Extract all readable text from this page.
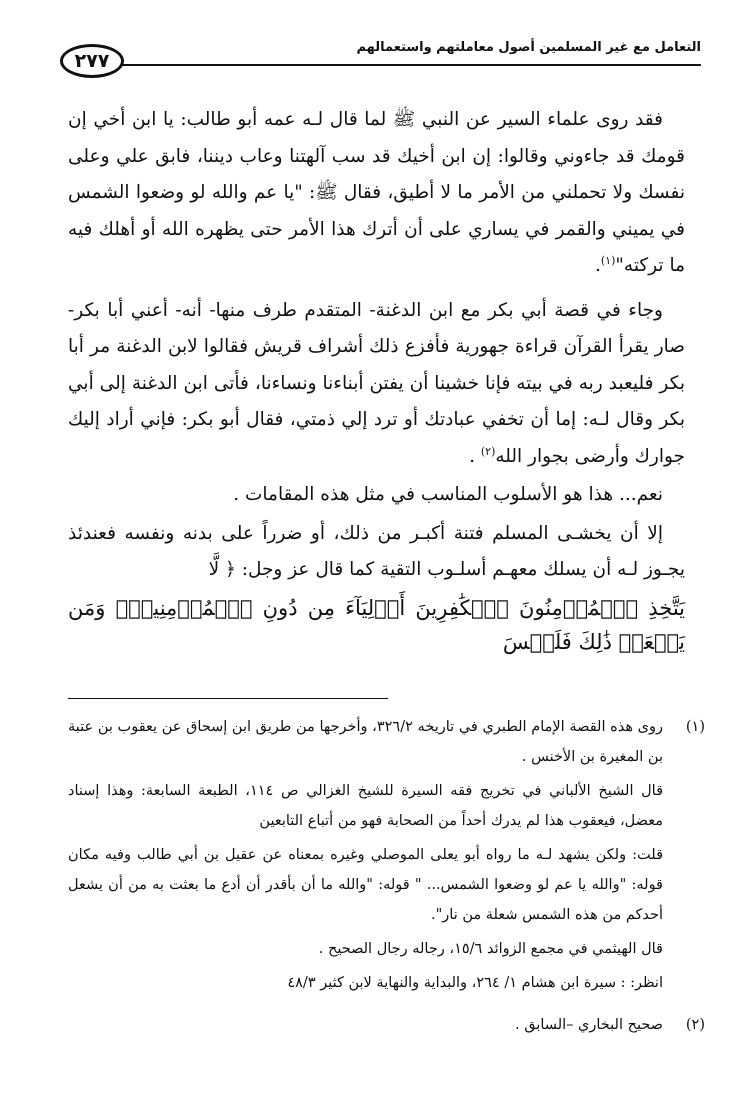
التعامل مع غير المسلمين أصول معاملتهم واستعمالهم
٢٧٧

فقد روى علماء السير عن النبي ﷺ لما قال لـه عمه أبو طالب: يا ابن أخي إن قومك قد جاءوني وقالوا: إن ابن أخيك قد سب آلهتنا وعاب ديننا، فابق علي وعلى نفسك ولا تحملني من الأمر ما لا أطيق، فقال ﷺ: "يا عم والله لو وضعوا الشمس في يميني والقمر في يساري على أن أترك هذا الأمر حتى يظهره الله أو أهلك فيه ما تركته"$^{(١)}$.

وجاء في قصة أبي بكر مع ابن الدغنة- المتقدم طرف منها- أنه- أعني أبا بكر- صار يقرأ القرآن قراءة جهورية فأفزع ذلك أشراف قريش فقالوا لابن الدغنة مر أبا بكر فليعبد ربه في بيته فإنا خشينا أن يفتن أبناءنا ونساءنا، فأتى ابن الدغنة إلى أبي بكر وقال لـه: إما أن تخفي عبادتك أو ترد إلي ذمتي، فقال أبو بكر: فإني أراد إليك جوارك وأرضى بجوار الله$^{(٢)}$ .

نعم... هذا هو الأسلوب المناسب في مثل هذه المقامات .

إلا أن يخشـى المسلم فتنة أكبـر من ذلك، أو ضرراً على بدنه ونفسه فعندئذ يجـوز لـه أن يسلك معهـم أسلـوب التقية كما قال عز وجل: ﴿ لَّا

يَتَّخِذِ ٱلۡمُؤۡمِنُونَ ٱلۡكَٰفِرِينَ أَوۡلِيَآءَ مِن دُونِ ٱلۡمُؤۡمِنِينَۖ وَمَن يَفۡعَلۡ ذَٰلِكَ فَلَيۡسَ

(١)
روى هذه القصة الإمام الطبري في تاريخه ٣٢٦/٢، وأخرجها من طريق ابن إسحاق عن يعقوب بن عتبة بن المغيرة بن الأخنس .
قال الشيخ الألباني في تخريج فقه السيرة للشيخ الغزالي ص ١١٤، الطبعة السابعة: وهذا إسناد معضل، فيعقوب هذا لم يدرك أحداً من الصحابة فهو من أتباع التابعين
قلت: ولكن يشهد لـه ما رواه أبو يعلى الموصلي وغيره بمعناه عن عقيل بن أبي طالب وفيه مكان قوله: "والله يا عم لو وضعوا الشمس... " قوله: "والله ما أن بأقدر أن أدع ما بعثت به من أن يشعل أحدكم من هذه الشمس شعلة من نار".
قال الهيثمي في مجمع الزوائد ١٥/٦، رجاله رجال الصحيح .
انظر: : سيرة ابن هشام ١/ ٢٦٤، والبداية والنهاية لابن كثير ٤٨/٣
(٢)
صحيح البخاري –السابق .
